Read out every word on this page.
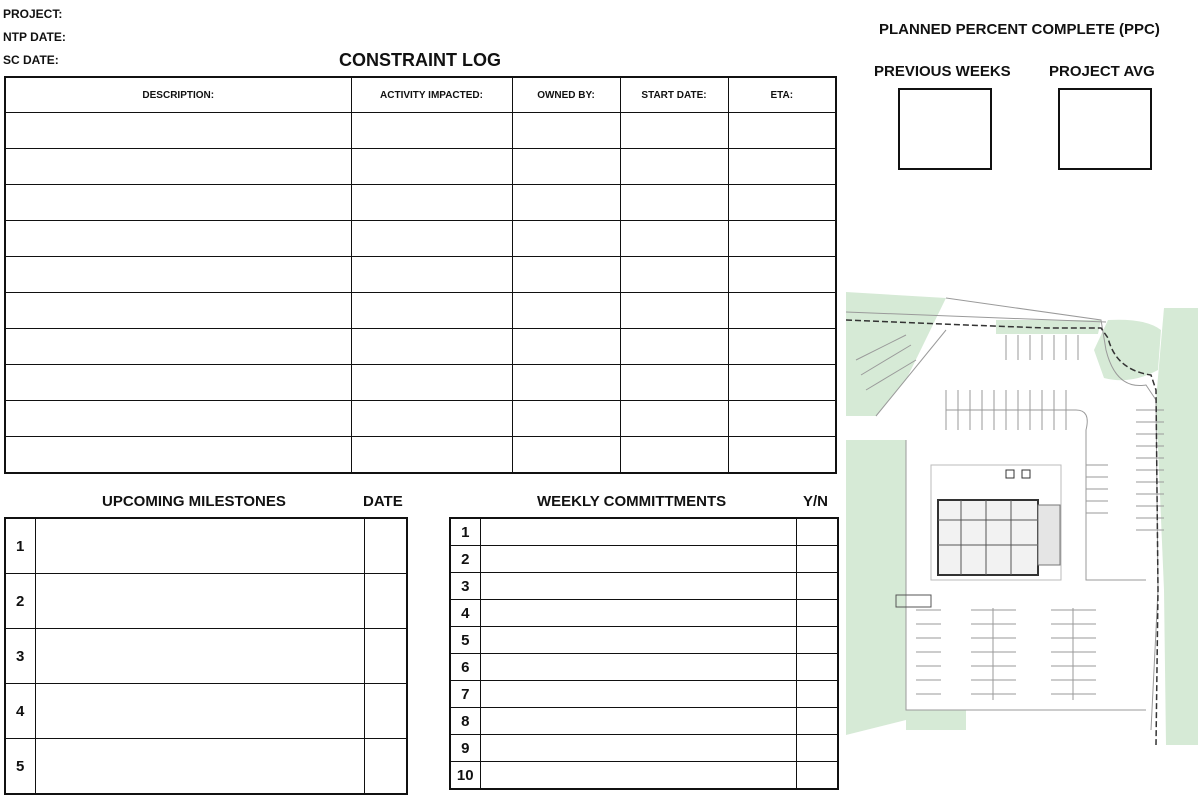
PROJECT:
NTP DATE:
SC DATE:	CONSTRAINT LOG
DESCRIPTION:	ACTIVITY IMPACTED:	OWNED BY:	START DATE:	ETA:

PLANNED PERCENT COMPLETE (PPC)
PREVIOUS WEEKS	PROJECT AVG
UPCOMING MILESTONES	DATE
1		
2		
3		
4		
5		
WEEKLY COMMITTMENTS	Y/N
1		
2		
3		
4		
5		
6		
7		
8		
9		
10		
